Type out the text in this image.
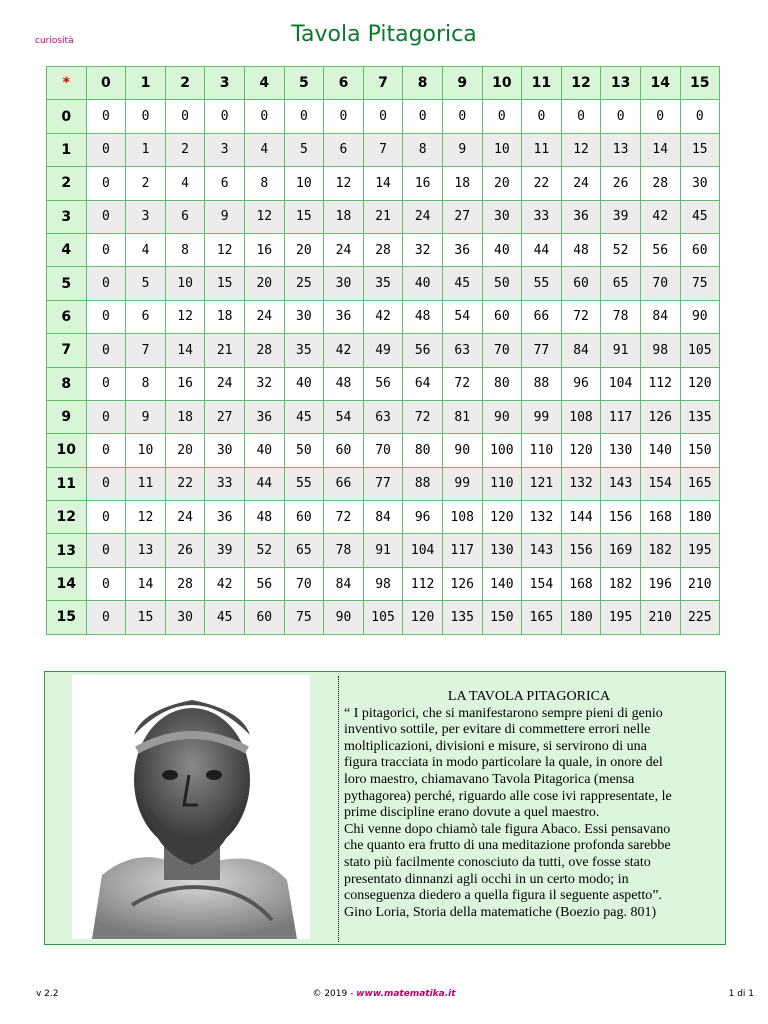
curiosità	Tavola Pitagorica
*	0	1	2	3	4	5	6	7	8	9	10	11	12	13	14	15
0	0	0	0	0	0	0	0	0	0	0	0	0	0	0	0	0
1	0	1	2	3	4	5	6	7	8	9	10	11	12	13	14	15
2	0	2	4	6	8	10	12	14	16	18	20	22	24	26	28	30
3	0	3	6	9	12	15	18	21	24	27	30	33	36	39	42	45
4	0	4	8	12	16	20	24	28	32	36	40	44	48	52	56	60
5	0	5	10	15	20	25	30	35	40	45	50	55	60	65	70	75
6	0	6	12	18	24	30	36	42	48	54	60	66	72	78	84	90
7	0	7	14	21	28	35	42	49	56	63	70	77	84	91	98	105
8	0	8	16	24	32	40	48	56	64	72	80	88	96	104	112	120
9	0	9	18	27	36	45	54	63	72	81	90	99	108	117	126	135
10	0	10	20	30	40	50	60	70	80	90	100	110	120	130	140	150
11	0	11	22	33	44	55	66	77	88	99	110	121	132	143	154	165
12	0	12	24	36	48	60	72	84	96	108	120	132	144	156	168	180
13	0	13	26	39	52	65	78	91	104	117	130	143	156	169	182	195
14	0	14	28	42	56	70	84	98	112	126	140	154	168	182	196	210
15	0	15	30	45	60	75	90	105	120	135	150	165	180	195	210	225
LA TAVOLA PITAGORICA
“ I pitagorici, che si manifestarono sempre pieni di genio
inventivo sottile, per evitare di commettere errori nelle
moltiplicazioni, divisioni e misure, si servirono di una
figura tracciata in modo particolare la quale, in onore del
loro maestro, chiamavano Tavola Pitagorica (mensa
pythagorea) perché, riguardo alle cose ivi rappresentate, le
prime discipline erano dovute a quel maestro.
Chi venne dopo chiamò tale figura Abaco. Essi pensavano
che quanto era frutto di una meditazione profonda sarebbe
stato più facilmente conosciuto da tutti, ove fosse stato
presentato dinnanzi agli occhi in un certo modo; in
conseguenza diedero a quella figura il seguente aspetto”.
Gino Loria, Storia della matematiche (Boezio pag. 801)
v 2.2	© 2019 - www.matematika.it	1 di 1
